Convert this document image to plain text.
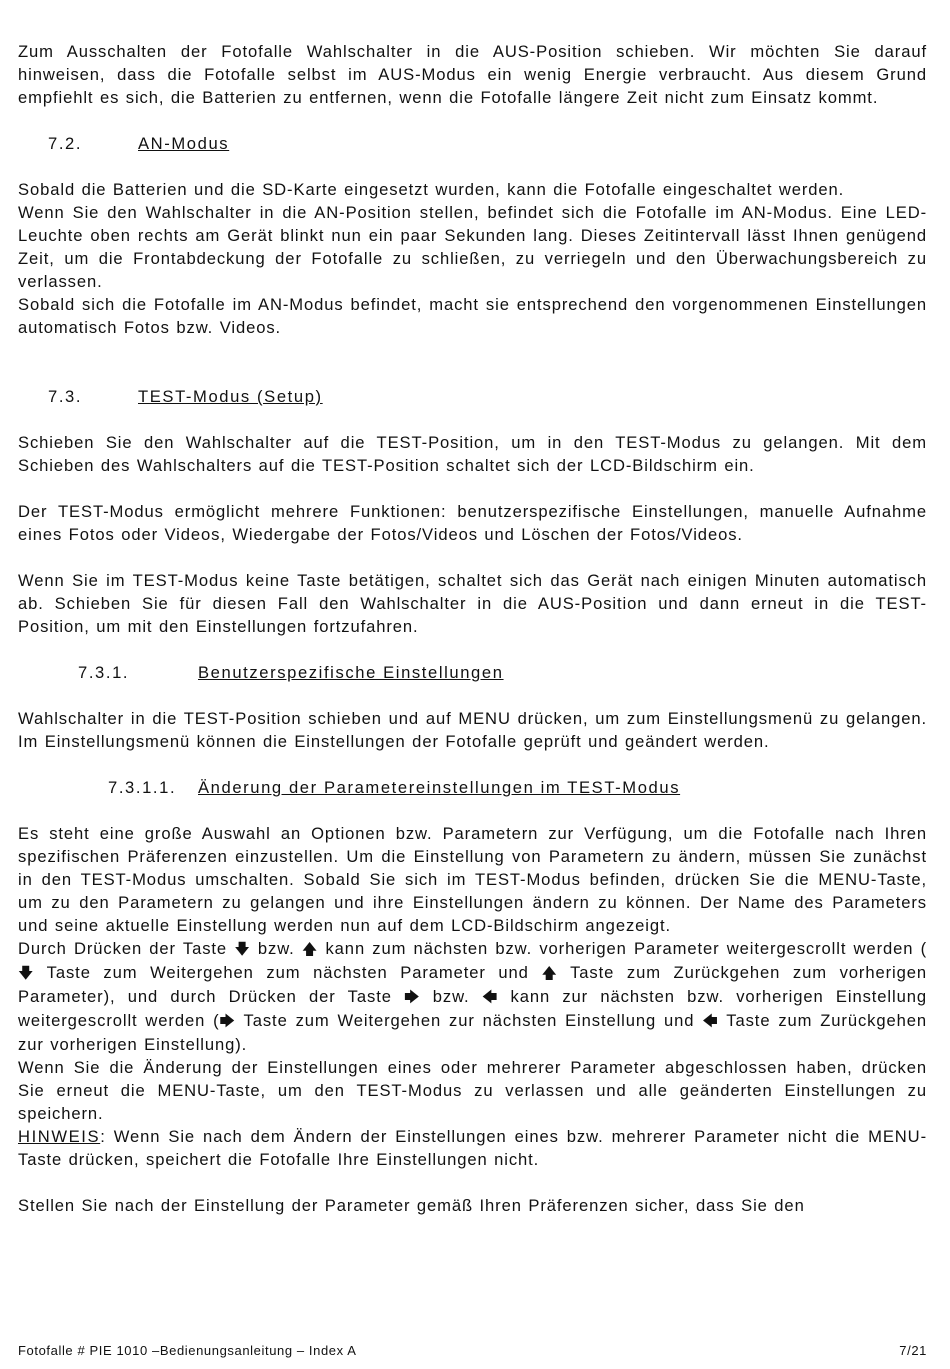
Zum Ausschalten der Fotofalle Wahlschalter in die AUS-Position schieben. Wir möchten Sie darauf hinweisen, dass die Fotofalle selbst im AUS-Modus ein wenig Energie verbraucht. Aus diesem Grund empfiehlt es sich, die Batterien zu entfernen, wenn die Fotofalle längere Zeit nicht zum Einsatz kommt.

7.2.	AN-Modus

Sobald die Batterien und die SD-Karte eingesetzt wurden, kann die Fotofalle eingeschaltet werden.

Wenn Sie den Wahlschalter in die AN-Position stellen, befindet sich die Fotofalle im AN-Modus. Eine LED-Leuchte oben rechts am Gerät blinkt nun ein paar Sekunden lang. Dieses Zeitintervall lässt Ihnen genügend Zeit, um die Frontabdeckung der Fotofalle zu schließen, zu verriegeln und den Überwachungsbereich zu verlassen.

Sobald sich die Fotofalle im AN-Modus befindet, macht sie entsprechend den vorgenommenen Einstellungen automatisch Fotos bzw. Videos.

7.3.	TEST-Modus (Setup)

Schieben Sie den Wahlschalter auf die TEST-Position, um in den TEST-Modus zu gelangen. Mit dem Schieben des Wahlschalters auf die TEST-Position schaltet sich der LCD-Bildschirm ein.

Der TEST-Modus ermöglicht mehrere Funktionen: benutzerspezifische Einstellungen, manuelle Aufnahme eines Fotos oder Videos, Wiedergabe der Fotos/Videos und Löschen der Fotos/Videos.

Wenn Sie im TEST-Modus keine Taste betätigen, schaltet sich das Gerät nach einigen Minuten automatisch ab. Schieben Sie für diesen Fall den Wahlschalter in die AUS-Position und dann erneut in die TEST-Position, um mit den Einstellungen fortzufahren.

7.3.1.	Benutzerspezifische Einstellungen

Wahlschalter in die TEST-Position schieben und auf MENU drücken, um zum Einstellungsmenü zu gelangen. Im Einstellungsmenü können die Einstellungen der Fotofalle geprüft und geändert werden.

7.3.1.1. Änderung der Parametereinstellungen im TEST-Modus

Es steht eine große Auswahl an Optionen bzw. Parametern zur Verfügung, um die Fotofalle nach Ihren spezifischen Präferenzen einzustellen. Um die Einstellung von Parametern zu ändern, müssen Sie zunächst in den TEST-Modus umschalten. Sobald Sie sich im TEST-Modus befinden, drücken Sie die MENU-Taste, um zu den Parametern zu gelangen und ihre Einstellungen ändern zu können. Der Name des Parameters und seine aktuelle Einstellung werden nun auf dem LCD-Bildschirm angezeigt.

Durch Drücken der Taste 🡇 bzw. 🡅 kann zum nächsten bzw. vorherigen Parameter weitergescrollt werden (🡇 Taste zum Weitergehen zum nächsten Parameter und 🡅 Taste zum Zurückgehen zum vorherigen Parameter), und durch Drücken der Taste 🡆 bzw. 🡄 kann zur nächsten bzw. vorherigen Einstellung weitergescrollt werden (🡆 Taste zum Weitergehen zur nächsten Einstellung und 🡄 Taste zum Zurückgehen zur vorherigen Einstellung).

Wenn Sie die Änderung der Einstellungen eines oder mehrerer Parameter abgeschlossen haben, drücken Sie erneut die MENU-Taste, um den TEST-Modus zu verlassen und alle geänderten Einstellungen zu speichern.

HINWEIS: Wenn Sie nach dem Ändern der Einstellungen eines bzw. mehrerer Parameter nicht die MENU-Taste drücken, speichert die Fotofalle Ihre Einstellungen nicht.

Stellen Sie nach der Einstellung der Parameter gemäß Ihren Präferenzen sicher, dass Sie den

Fotofalle # PIE 1010 –Bedienungsanleitung – Index A	7/21
